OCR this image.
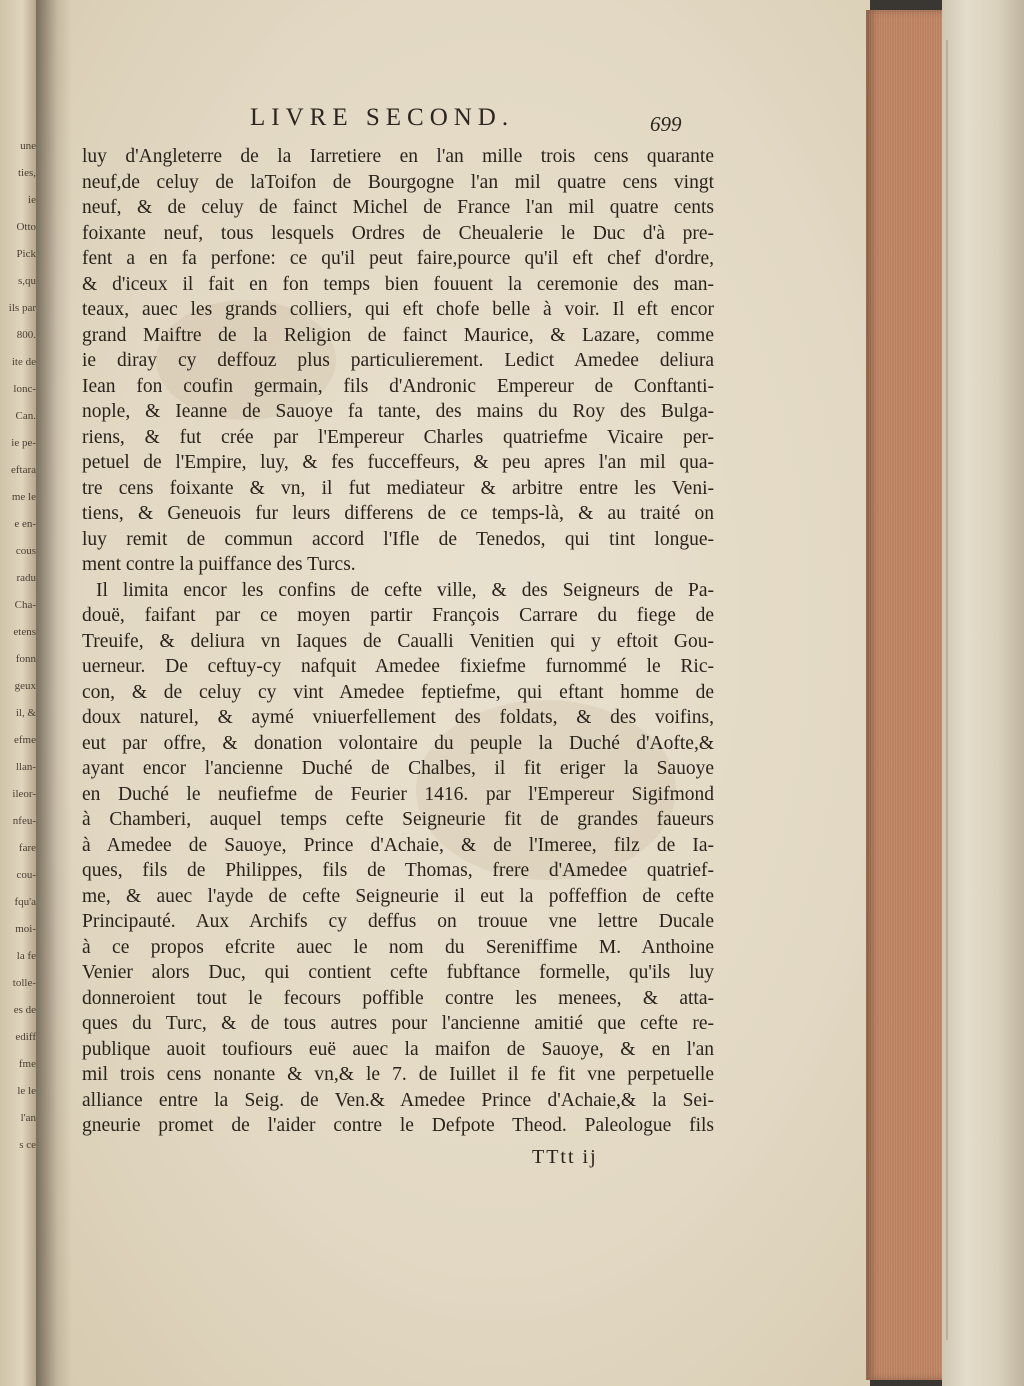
une
ties,
ie
Otto
Pick
s,qu
ils par
800.
ite de
lonc-
Can.
ie pe-
eftara
me le
e en-
cous
radu
Cha-
etens
fonn
geux
il, &
efme
llan-
ileor-
nfeu-
fare
cou-
fqu'a
moi-
la fe
tolle-
es de
ediff
fme
le le
l'an
s ce
LIVRE SECOND.	699
luy d'Angleterre de la Iarretiere en l'an mille trois cens quarante
neuf,de celuy de laToifon de Bourgogne l'an mil quatre cens vingt
neuf, & de celuy de fainct Michel de France l'an mil quatre cents
foixante neuf, tous lesquels Ordres de Cheualerie le Duc d'à pre-
fent a en fa perfone: ce qu'il peut faire,pource qu'il eft chef d'ordre,
& d'iceux il fait en fon temps bien fouuent la ceremonie des man-
teaux, auec les grands colliers, qui eft chofe belle à voir. Il eft encor
grand Maiftre de la Religion de fainct Maurice, & Lazare, comme
ie diray cy deffouz plus particulierement. Ledict Amedee deliura
Iean fon coufin germain, fils d'Andronic Empereur de Conftanti-
nople, & Ieanne de Sauoye fa tante, des mains du Roy des Bulga-
riens, & fut crée par l'Empereur Charles quatriefme Vicaire per-
petuel de l'Empire, luy, & fes fucceffeurs, & peu apres l'an mil qua-
tre cens foixante & vn, il fut mediateur & arbitre entre les Veni-
tiens, & Geneuois fur leurs differens de ce temps-là, & au traité on
luy remit de commun accord l'Ifle de Tenedos, qui tint longue-
ment contre la puiffance des Turcs.
Il limita encor les confins de cefte ville, & des Seigneurs de Pa-
douë, faifant par ce moyen partir François Carrare du fiege de
Treuife, & deliura vn Iaques de Caualli Venitien qui y eftoit Gou-
uerneur. De ceftuy-cy nafquit Amedee fixiefme furnommé le Ric-
con, & de celuy cy vint Amedee feptiefme, qui eftant homme de
doux naturel, & aymé vniuerfellement des foldats, & des voifins,
eut par offre, & donation volontaire du peuple la Duché d'Aofte,&
ayant encor l'ancienne Duché de Chalbes, il fit eriger la Sauoye
en Duché le neufiefme de Feurier 1416. par l'Empereur Sigifmond
à Chamberi, auquel temps cefte Seigneurie fit de grandes faueurs
à Amedee de Sauoye, Prince d'Achaie, & de l'Imeree, filz de Ia-
ques, fils de Philippes, fils de Thomas, frere d'Amedee quatrief-
me, & auec l'ayde de cefte Seigneurie il eut la poffeffion de cefte
Principauté. Aux Archifs cy deffus on trouue vne lettre Ducale
à ce propos efcrite auec le nom du Sereniffime M. Anthoine
Venier alors Duc, qui contient cefte fubftance formelle, qu'ils luy
donneroient tout le fecours poffible contre les menees, & atta-
ques du Turc, & de tous autres pour l'ancienne amitié que cefte re-
publique auoit toufiours euë auec la maifon de Sauoye, & en l'an
mil trois cens nonante & vn,& le 7. de Iuillet il fe fit vne perpetuelle
alliance entre la Seig. de Ven.& Amedee Prince d'Achaie,& la Sei-
gneurie promet de l'aider contre le Defpote Theod. Paleologue fils
TTtt ij
